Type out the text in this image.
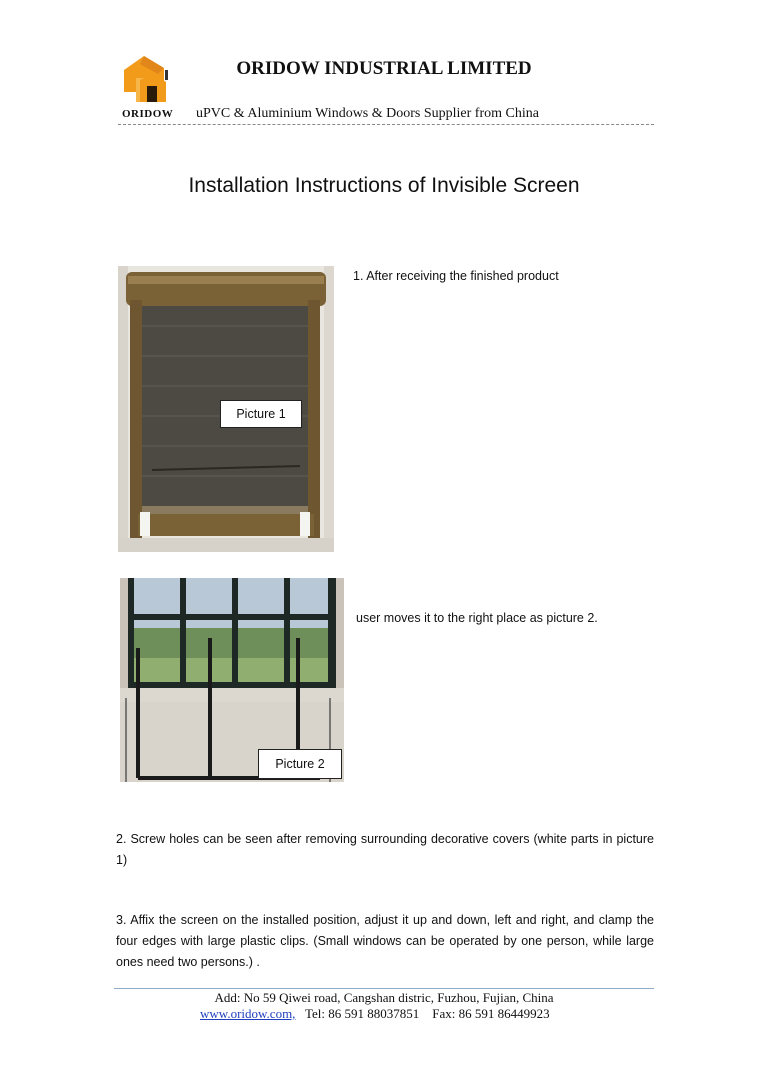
ORIDOW
ORIDOW INDUSTRIAL LIMITED
uPVC & Aluminium Windows & Doors Supplier from China
Installation Instructions of Invisible Screen
Picture 1
1. After receiving the finished product
Picture 2
user moves it to the right place as picture 2.
2. Screw holes can be seen after removing surrounding decorative covers (white parts in picture 1)
3. Affix the screen on the installed position, adjust it up and down, left and right, and clamp the four edges with large plastic clips. (Small windows can be operated by one person, while large ones need two persons.) .
Add: No 59 Qiwei road, Cangshan distric, Fuzhou, Fujian, China
www.oridow.com, Tel: 86 591 88037851 Fax: 86 591 86449923
